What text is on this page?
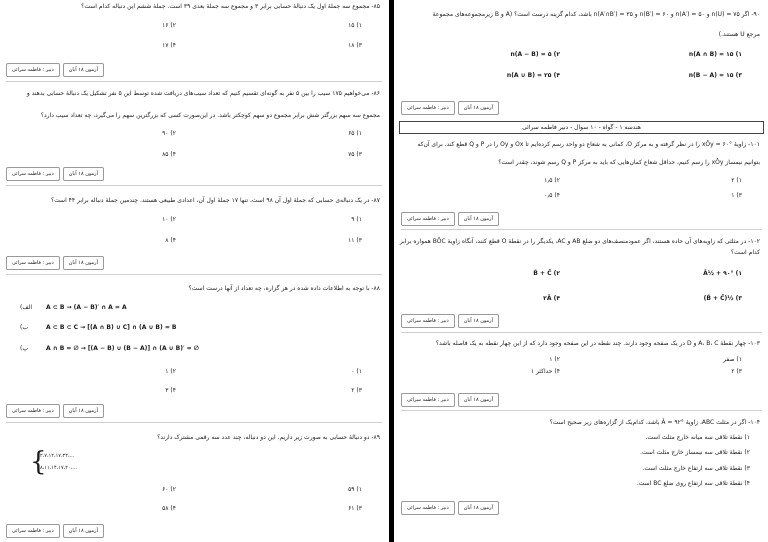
۸۵- مجموع سه جملهٔ اول یک دنبالهٔ حسابی برابر ۳ و مجموع سه جملهٔ بعدی ۳۹ است. جملهٔ ششم این دنباله کدام است؟
۱) ۱۵
۲) ۱۶
۳) ۱۸
۴) ۱۷
دبیر : فاطمه سرائی	آزمون ۱۸ آبان
۸۶- می‌خواهیم ۱۷۵ سیب را بین ۵ نفر به گونه‌ای تقسیم کنیم که تعداد سیب‌های دریافت شده توسط این ۵ نفر تشکیل یک دنبالهٔ حسابی بدهند و
مجموع سه سهم بزرگتر شش برابر مجموع دو سهم کوچکتر باشد. در این‌صورت کسی که بزرگترین سهم را می‌گیرد، چه تعداد سیب دارد؟
۱) ۶۵
۲) ۹۰
۳) ۷۵
۴) ۸۵
دبیر : فاطمه سرائی	آزمون ۱۸ آبان
۸۷- در یک دنباله‌ی حسابی که جملهٔ اول آن ۹۸ است، تنها ۱۷ جملهٔ اول آن، اعدادی طبیعی هستند. چندمین جملهٔ دنباله برابر ۴۴ است؟
۱) ۹
۲) ۱۰
۳) ۱۱
۴) ۸
دبیر : فاطمه سرائی	آزمون ۱۸ آبان
۸۸- با توجه به اطلاعات داده شده در هر گزاره، چه تعداد از آنها درست است؟
الف) A ⊂ B → (A − B)′ ∩ A = A
ب)	A ⊂ B ⊂ C → [(A ∩ B) ∪ C] ∩ (A ∪ B) = B
پ)	A ∩ B = ∅ → [(A − B) ∪ (B − A)] ∩ (A ∪ B)′ = ∅
۱) ۰
۲) ۱
۳) ۲
۴) ۳
دبیر : فاطمه سرائی	آزمون ۱۸ آبان
۸۹- دو دنبالهٔ حسابی به صورت زیر داریم. این دو دنباله، چند عدد سه رقمی مشترک دارند؟
{
۲،۷،۱۲،۱۷،۲۲،...
۸،۱۱،۱۴،۱۷،۲۰،...
۱) ۵۹
۲) ۶۰
۳) ۶۱
۴) ۵۸
دبیر : فاطمه سرائی	آزمون ۱۸ آبان
۹۰- اگر ۷۵ = n(U) و ۵۰ = n(A′) و ۶۰ = n(B′) و ۳۵ = n(A′∩B′) باشد، کدام گزینه درست است؟ (A و B زیرمجموعه‌های مجموعهٔ
مرجع U هستند.)
۱) n(A ∩ B) = ۱۵
۲) n(A − B) = ۵
۳) n(B − A) = ۱۵
۴) n(A ∪ B) = ۲۵
دبیر : فاطمه سرائی	آزمون ۱۸ آبان
هندسه ۱ - گواه - ۱۰ سوال - دبیر فاطمه سرائی
۱۰۱- زاویهٔ °۶۰ = xÔy را در نظر گرفته و به مرکز O، کمانی به شعاع دو واحد رسم کرده‌ایم تا Ox و Oy را در P و Q قطع کند. برای آن‌که
بتوانیم نیمساز xÔy را رسم کنیم، حداقل شعاع کمان‌هایی که باید به مرکز P و Q رسم شوند، چقدر است؟
۱) ۲
۲) ۱٫۵
۳) ۱
۴) ۰٫۵
دبیر : فاطمه سرائی	آزمون ۱۸ آبان
۱۰۲- در مثلثی که زاویه‌های آن حاده هستند، اگر عمودمنصف‌های دو ضلع AB و AC، یکدیگر را در نقطهٔ O قطع کنند، آنگاه زاویهٔ BÔC همواره برابر
کدام است؟
۱) ۹۰° + ½Â
۲) B̂ + Ĉ
۳) ½(B̂ + Ĉ)
۴) ۲Â
دبیر : فاطمه سرائی	آزمون ۱۸ آبان
۱۰۳- چهار نقطهٔ A، B، C و D در یک صفحه وجود دارند. چند نقطه در این صفحه وجود دارد که از این چهار نقطه به یک فاصله باشد؟
۱) صفر
۲) ۱
۳) ۲
۴) حداکثر ۱
دبیر : فاطمه سرائی	آزمون ۱۸ آبان
۱۰۴- اگر در مثلث ABC، زاویهٔ °۹۲ = Â باشد، کدام‌یک از گزاره‌های زیر صحیح است؟
۱) نقطهٔ تلاقی سه میانه خارج مثلث است.
۲) نقطهٔ تلاقی سه نیمساز خارج مثلث است.
۳) نقطهٔ تلاقی سه ارتفاع خارج مثلث است.
۴) نقطهٔ تلاقی سه ارتفاع روی ضلع BC است.
دبیر : فاطمه سرائی	آزمون ۱۸ آبان
